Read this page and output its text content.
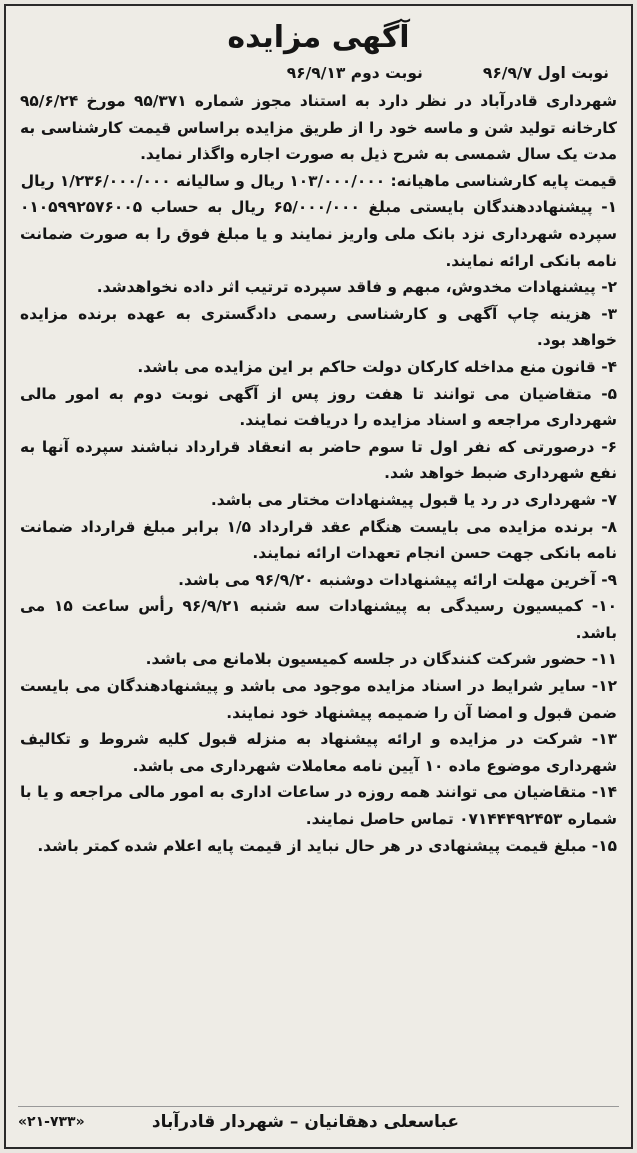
آگهی مزایده
نوبت اول ۹۶/۹/۷
نوبت دوم ۹۶/۹/۱۳

شهرداری قادرآباد در نظر دارد به استناد مجوز شماره ۹۵/۳۷۱ مورخ ۹۵/۶/۲۴ کارخانه تولید شن و ماسه خود را از طریق مزایده براساس قیمت کارشناسی به مدت یک سال شمسی به شرح ذیل به صورت اجاره واگذار نماید.

قیمت پایه کارشناسی ماهیانه: ۱۰۳/۰۰۰/۰۰۰ ریال و سالیانه ۱/۲۳۶/۰۰۰/۰۰۰ ریال

۱- پیشنهاددهندگان بایستی مبلغ ۶۵/۰۰۰/۰۰۰ ریال به حساب ۰۱۰۵۹۹۲۵۷۶۰۰۵ سپرده شهرداری نزد بانک ملی واریز نمایند و یا مبلغ فوق را به صورت ضمانت نامه بانکی ارائه نمایند.

۲- پیشنهادات مخدوش، مبهم و فاقد سپرده ترتیب اثر داده نخواهدشد.

۳- هزینه چاپ آگهی و کارشناسی رسمی دادگستری به عهده برنده مزایده خواهد بود.

۴- قانون منع مداخله کارکان دولت حاکم بر این مزایده می باشد.

۵- متقاضیان می توانند تا هفت روز پس از آگهی نوبت دوم به امور مالی شهرداری مراجعه و اسناد مزایده را دریافت نمایند.

۶- درصورتی که نفر اول تا سوم حاضر به انعقاد قرارداد نباشند سپرده آنها به نفع شهرداری ضبط خواهد شد.

۷- شهرداری در رد یا قبول پیشنهادات مختار می باشد.

۸- برنده مزایده می بایست هنگام عقد قرارداد ۱/۵ برابر مبلغ قرارداد ضمانت نامه بانکی جهت حسن انجام تعهدات ارائه نمایند.

۹- آخرین مهلت ارائه پیشنهادات دوشنبه ۹۶/۹/۲۰ می باشد.

۱۰- کمیسیون رسیدگی به پیشنهادات سه شنبه ۹۶/۹/۲۱ رأس ساعت ۱۵ می باشد.

۱۱- حضور شرکت کنندگان در جلسه کمیسیون بلامانع می باشد.

۱۲- سایر شرایط در اسناد مزایده موجود می باشد و پیشنهادهندگان می بایست ضمن قبول و امضا آن را ضمیمه پیشنهاد خود نمایند.

۱۳- شرکت در مزایده و ارائه پیشنهاد به منزله قبول کلیه شروط و تکالیف شهرداری موضوع ماده ۱۰ آیین نامه معاملات شهرداری می باشد.

۱۴- متقاضیان می توانند همه روزه در ساعات اداری به امور مالی مراجعه و یا با شماره ۰۷۱۴۴۴۹۲۴۵۳ تماس حاصل نمایند.

۱۵- مبلغ قیمت پیشنهادی در هر حال نباید از قیمت پایه اعلام شده کمتر باشد.

عباسعلی دهقانیان – شهردار قادرآباد
«۲۱-۷۳۳»
